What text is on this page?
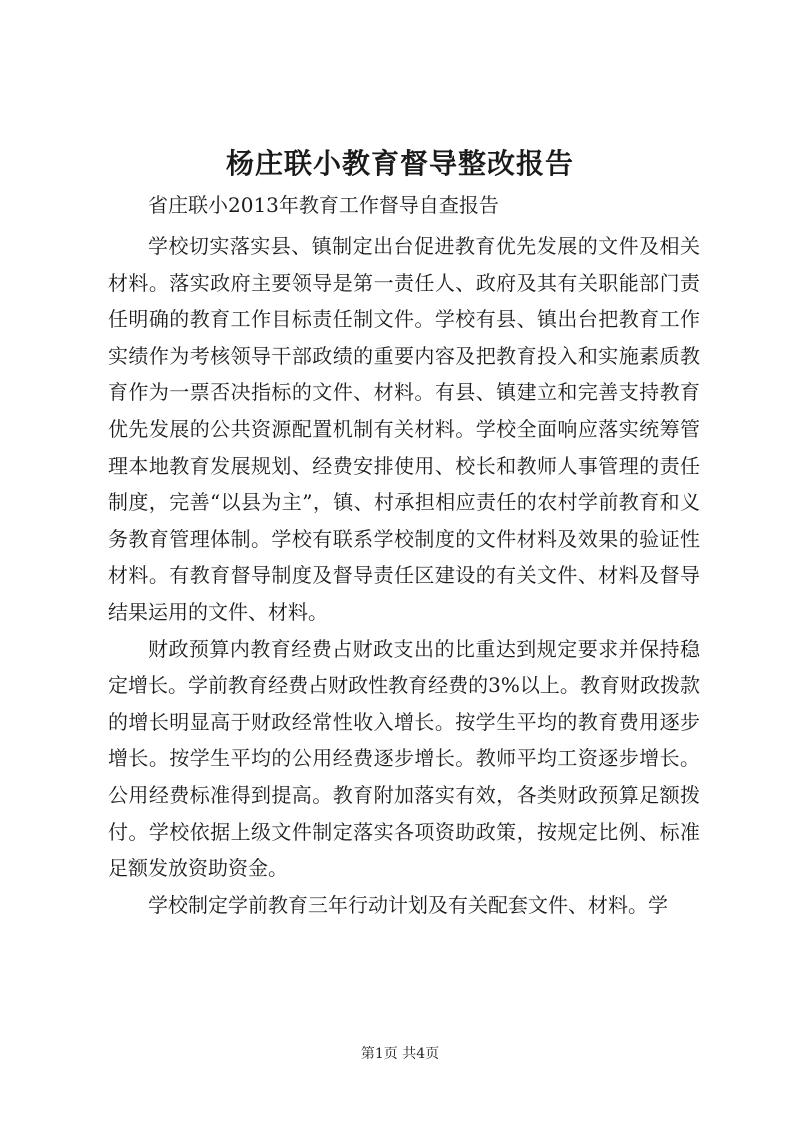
杨庄联小教育督导整改报告
省庄联小2013年教育工作督导自查报告

学校切实落实县、镇制定出台促进教育优先发展的文件及相关材料。落实政府主要领导是第一责任人、政府及其有关职能部门责任明确的教育工作目标责任制文件。学校有县、镇出台把教育工作实绩作为考核领导干部政绩的重要内容及把教育投入和实施素质教育作为一票否决指标的文件、材料。有县、镇建立和完善支持教育优先发展的公共资源配置机制有关材料。学校全面响应落实统筹管理本地教育发展规划、经费安排使用、校长和教师人事管理的责任制度，完善“以县为主”，镇、村承担相应责任的农村学前教育和义务教育管理体制。学校有联系学校制度的文件材料及效果的验证性材料。有教育督导制度及督导责任区建设的有关文件、材料及督导结果运用的文件、材料。

财政预算内教育经费占财政支出的比重达到规定要求并保持稳定增长。学前教育经费占财政性教育经费的3%以上。教育财政拨款的增长明显高于财政经常性收入增长。按学生平均的教育费用逐步增长。按学生平均的公用经费逐步增长。教师平均工资逐步增长。公用经费标准得到提高。教育附加落实有效，各类财政预算足额拨付。学校依据上级文件制定落实各项资助政策，按规定比例、标准足额发放资助资金。

学校制定学前教育三年行动计划及有关配套文件、材料。学

第1页 共4页
